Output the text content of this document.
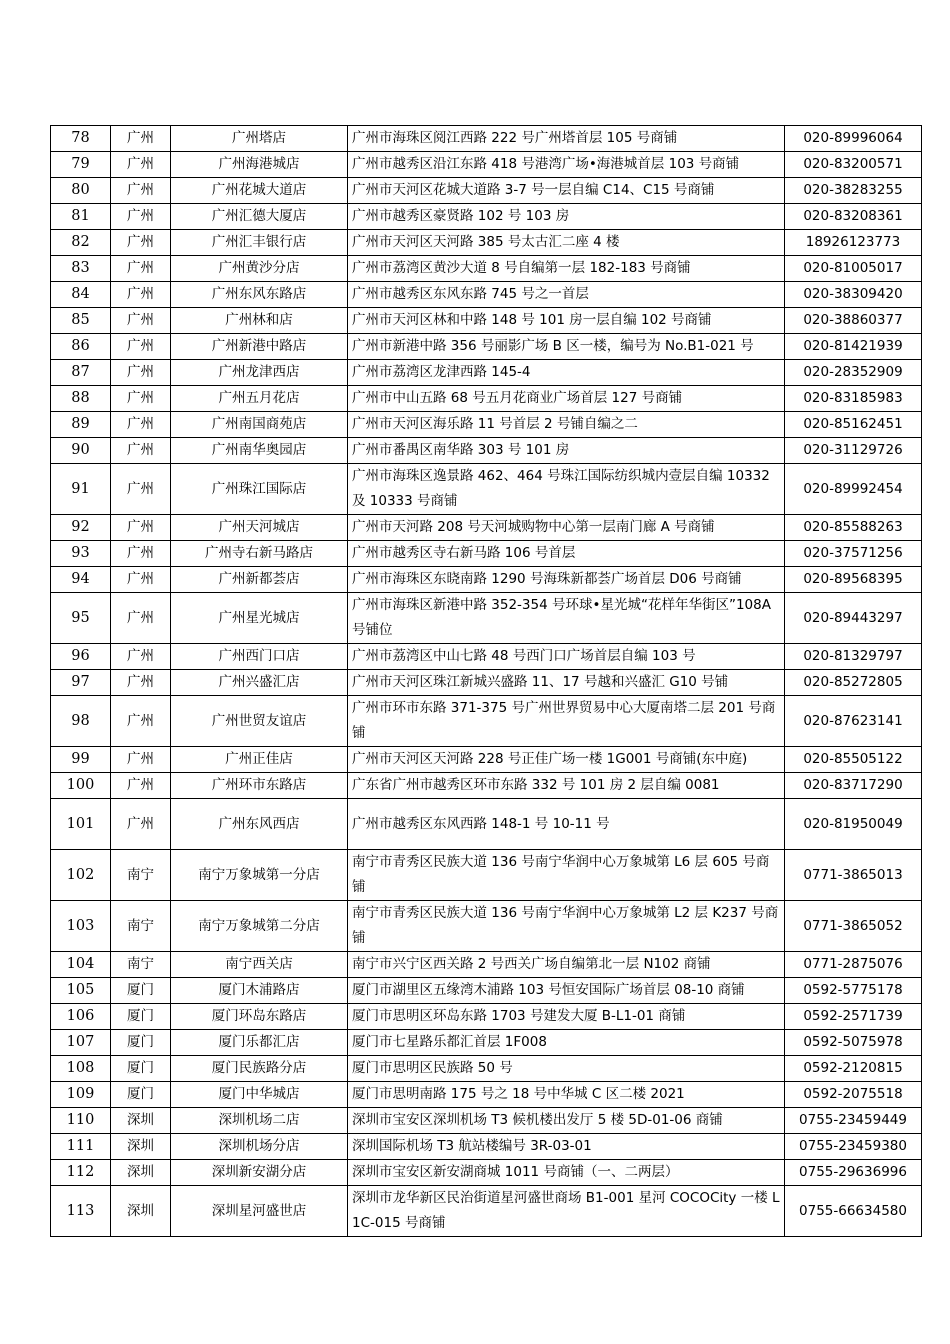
78	广州	广州塔店	广州市海珠区阅江西路 222 号广州塔首层 105 号商铺	020-89996064
79	广州	广州海港城店	广州市越秀区沿江东路 418 号港湾广场•海港城首层 103 号商铺	020-83200571
80	广州	广州花城大道店	广州市天河区花城大道路 3-7 号一层自编 C14、C15 号商铺	020-38283255
81	广州	广州汇德大厦店	广州市越秀区豪贤路 102 号 103 房	020-83208361
82	广州	广州汇丰银行店	广州市天河区天河路 385 号太古汇二座 4 楼	18926123773
83	广州	广州黄沙分店	广州市荔湾区黄沙大道 8 号自编第一层 182-183 号商铺	020-81005017
84	广州	广州东风东路店	广州市越秀区东风东路 745 号之一首层	020-38309420
85	广州	广州林和店	广州市天河区林和中路 148 号 101 房一层自编 102 号商铺	020-38860377
86	广州	广州新港中路店	广州市新港中路 356 号丽影广场 B 区一楼，编号为 No.B1-021 号	020-81421939
87	广州	广州龙津西店	广州市荔湾区龙津西路 145-4	020-28352909
88	广州	广州五月花店	广州市中山五路 68 号五月花商业广场首层 127 号商铺	020-83185983
89	广州	广州南国商苑店	广州市天河区海乐路 11 号首层 2 号铺自编之二	020-85162451
90	广州	广州南华奥园店	广州市番禺区南华路 303 号 101 房	020-31129726
91	广州	广州珠江国际店	广州市海珠区逸景路 462、464 号珠江国际纺织城内壹层自编 10332 及 10333 号商铺	020-89992454
92	广州	广州天河城店	广州市天河路 208 号天河城购物中心第一层南门廊 A 号商铺	020-85588263
93	广州	广州寺右新马路店	广州市越秀区寺右新马路 106 号首层	020-37571256
94	广州	广州新都荟店	广州市海珠区东晓南路 1290 号海珠新都荟广场首层 D06 号商铺	020-89568395
95	广州	广州星光城店	广州市海珠区新港中路 352-354 号环球•星光城“花样年华街区”108A 号铺位	020-89443297
96	广州	广州西门口店	广州市荔湾区中山七路 48 号西门口广场首层自编 103 号	020-81329797
97	广州	广州兴盛汇店	广州市天河区珠江新城兴盛路 11、17 号越和兴盛汇 G10 号铺	020-85272805
98	广州	广州世贸友谊店	广州市环市东路 371-375 号广州世界贸易中心大厦南塔二层 201 号商铺	020-87623141
99	广州	广州正佳店	广州市天河区天河路 228 号正佳广场一楼 1G001 号商铺(东中庭)	020-85505122
100	广州	广州环市东路店	广东省广州市越秀区环市东路 332 号 101 房 2 层自编 0081	020-83717290
101	广州	广州东风西店	广州市越秀区东风西路 148-1 号 10-11 号	020-81950049
102	南宁	南宁万象城第一分店	南宁市青秀区民族大道 136 号南宁华润中心万象城第 L6 层 605 号商铺	0771-3865013
103	南宁	南宁万象城第二分店	南宁市青秀区民族大道 136 号南宁华润中心万象城第 L2 层 K237 号商铺	0771-3865052
104	南宁	南宁西关店	南宁市兴宁区西关路 2 号西关广场自编第北一层 N102 商铺	0771-2875076
105	厦门	厦门木浦路店	厦门市湖里区五缘湾木浦路 103 号恒安国际广场首层 08-10 商铺	0592-5775178
106	厦门	厦门环岛东路店	厦门市思明区环岛东路 1703 号建发大厦 B-L1-01 商铺	0592-2571739
107	厦门	厦门乐都汇店	厦门市七星路乐都汇首层 1F008	0592-5075978
108	厦门	厦门民族路分店	厦门市思明区民族路 50 号	0592-2120815
109	厦门	厦门中华城店	厦门市思明南路 175 号之 18 号中华城 C 区二楼 2021	0592-2075518
110	深圳	深圳机场二店	深圳市宝安区深圳机场 T3 候机楼出发厅 5 楼 5D-01-06 商铺	0755-23459449
111	深圳	深圳机场分店	深圳国际机场 T3 航站楼编号 3R-03-01	0755-23459380
112	深圳	深圳新安湖分店	深圳市宝安区新安湖商城 1011 号商铺（一、二两层）	0755-29636996
113	深圳	深圳星河盛世店	深圳市龙华新区民治街道星河盛世商场 B1-001 星河 COCOCity 一楼 L1C-015 号商铺	0755-66634580
